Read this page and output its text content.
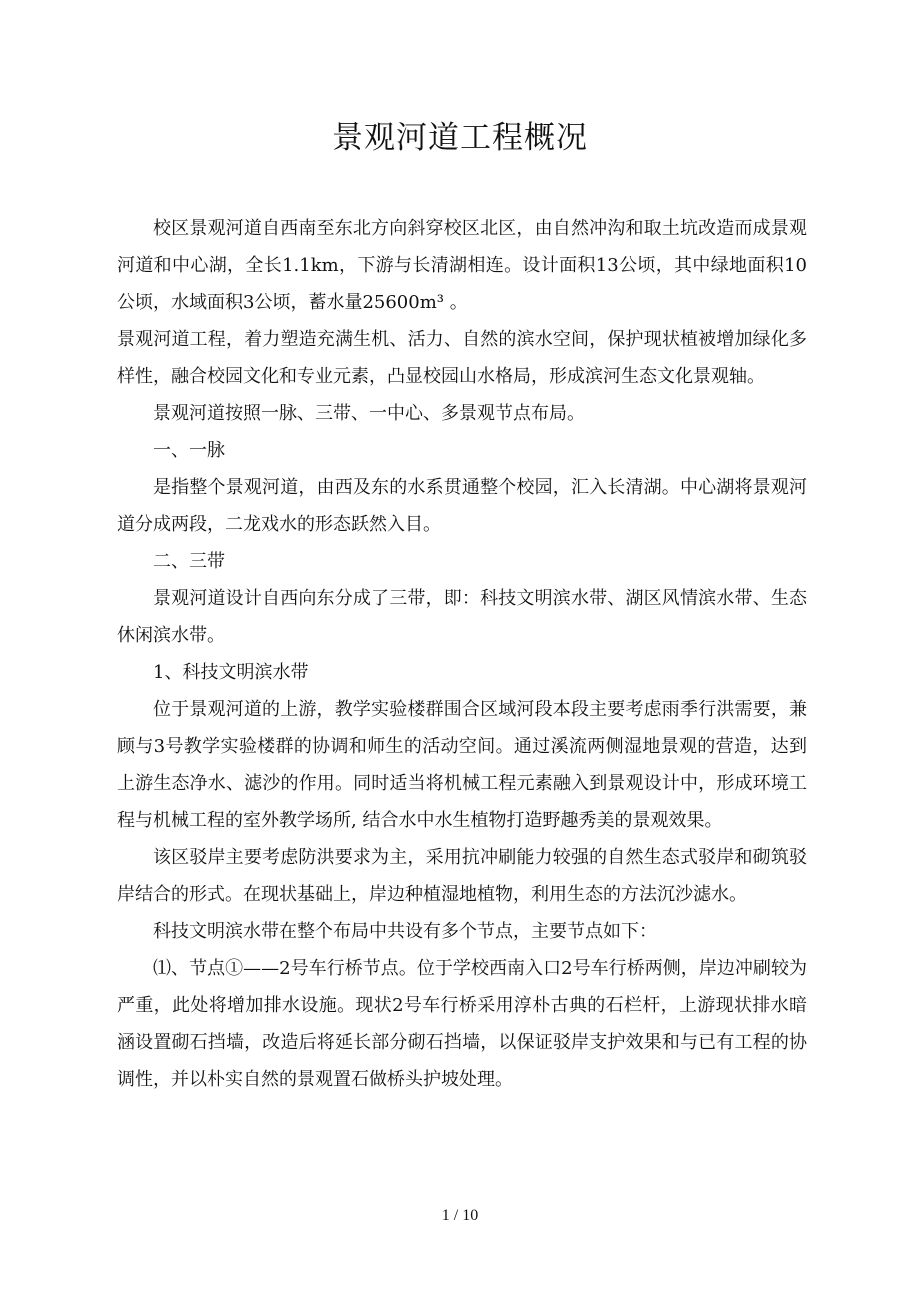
景观河道工程概况

校区景观河道自西南至东北方向斜穿校区北区，由自然冲沟和取土坑改造而成景观河道和中心湖，全长1.1km，下游与长清湖相连。设计面积13公顷，其中绿地面积10公顷，水域面积3公顷，蓄水量25600m³ 。

景观河道工程，着力塑造充满生机、活力、自然的滨水空间，保护现状植被增加绿化多样性，融合校园文化和专业元素，凸显校园山水格局，形成滨河生态文化景观轴。

景观河道按照一脉、三带、一中心、多景观节点布局。

一、一脉

是指整个景观河道，由西及东的水系贯通整个校园，汇入长清湖。中心湖将景观河道分成两段，二龙戏水的形态跃然入目。

二、三带

景观河道设计自西向东分成了三带，即：科技文明滨水带、湖区风情滨水带、生态休闲滨水带。

1、科技文明滨水带

位于景观河道的上游，教学实验楼群围合区域河段本段主要考虑雨季行洪需要，兼顾与3号教学实验楼群的协调和师生的活动空间。通过溪流两侧湿地景观的营造，达到上游生态净水、滤沙的作用。同时适当将机械工程元素融入到景观设计中，形成环境工程与机械工程的室外教学场所, 结合水中水生植物打造野趣秀美的景观效果。

该区驳岸主要考虑防洪要求为主，采用抗冲刷能力较强的自然生态式驳岸和砌筑驳岸结合的形式。在现状基础上，岸边种植湿地植物，利用生态的方法沉沙滤水。

科技文明滨水带在整个布局中共设有多个节点，主要节点如下：

⑴、节点①——2号车行桥节点。位于学校西南入口2号车行桥两侧，岸边冲刷较为严重，此处将增加排水设施。现状2号车行桥采用淳朴古典的石栏杆，上游现状排水暗涵设置砌石挡墙，改造后将延长部分砌石挡墙，以保证驳岸支护效果和与已有工程的协调性，并以朴实自然的景观置石做桥头护坡处理。

1 / 10
